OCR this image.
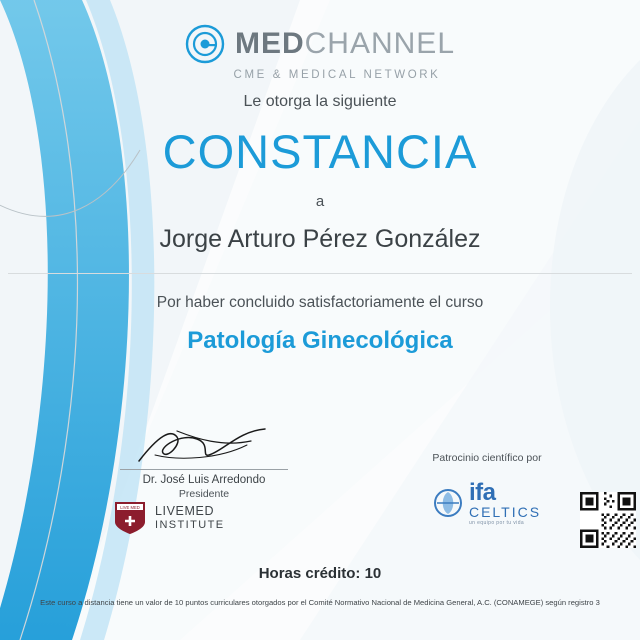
MEDCHANNEL
CME & MEDICAL NETWORK
Le otorga la siguiente
CONSTANCIA
a
Jorge Arturo Pérez González
Por haber concluido satisfactoriamente el curso
Patología Ginecológica
Dr. José Luis Arredondo
Presidente
LIVE MED LIVEMED
INSTITUTE
Patrocinio científico por
ifa
CELTICS
un equipo por tu vida
Horas crédito: 10
Este curso a distancia tiene un valor de 10 puntos curriculares otorgados por el Comité Normativo Nacional de Medicina General, A.C. (CONAMEGE) según registro 3
